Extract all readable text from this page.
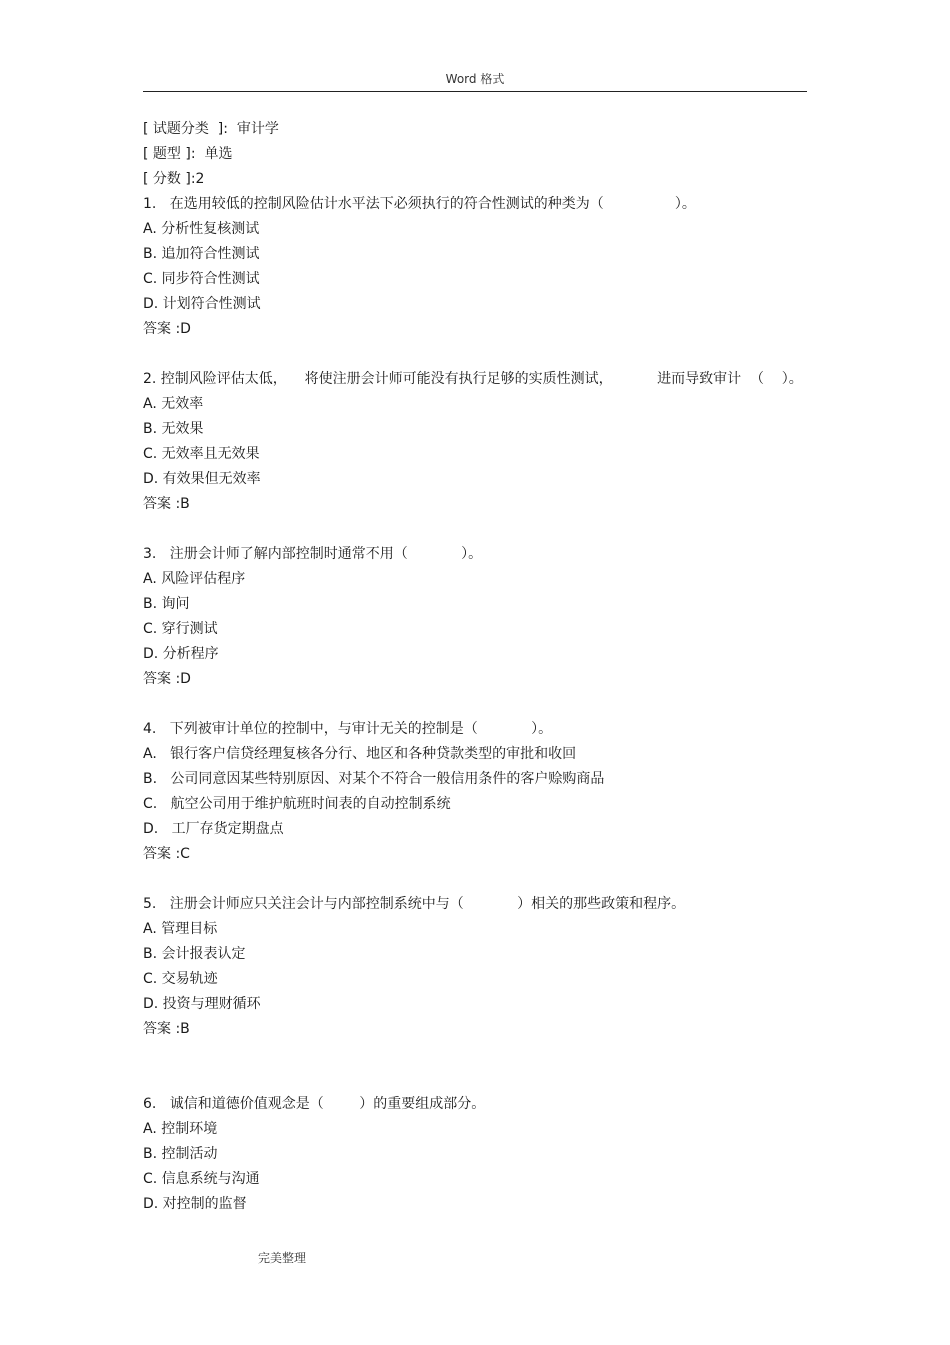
Word 格式
[ 试题分类  ]:  审计学
[ 题型 ]:  单选
[ 分数 ]:2
1.   在选用较低的控制风险估计水平法下必须执行的符合性测试的种类为（                ）。
A. 分析性复核测试
B. 追加符合性测试
C. 同步符合性测试
D. 计划符合性测试
答案 :D
2. 控制风险评估太低，    将使注册会计师可能没有执行足够的实质性测试，          进而导致审计  （    ）。
A. 无效率
B. 无效果
C. 无效率且无效果
D. 有效果但无效率
答案 :B
3.   注册会计师了解内部控制时通常不用（            ）。
A. 风险评估程序
B. 询问
C. 穿行测试
D. 分析程序
答案 :D
4.   下列被审计单位的控制中，与审计无关的控制是（            ）。
A.   银行客户信贷经理复核各分行、地区和各种贷款类型的审批和收回
B.   公司同意因某些特别原因、对某个不符合一般信用条件的客户赊购商品
C.   航空公司用于维护航班时间表的自动控制系统
D.   工厂存货定期盘点
答案 :C
5.   注册会计师应只关注会计与内部控制系统中与（            ）相关的那些政策和程序。
A. 管理目标
B. 会计报表认定
C. 交易轨迹
D. 投资与理财循环
答案 :B
6.   诚信和道德价值观念是（        ）的重要组成部分。
A. 控制环境
B. 控制活动
C. 信息系统与沟通
D. 对控制的监督
完美整理
